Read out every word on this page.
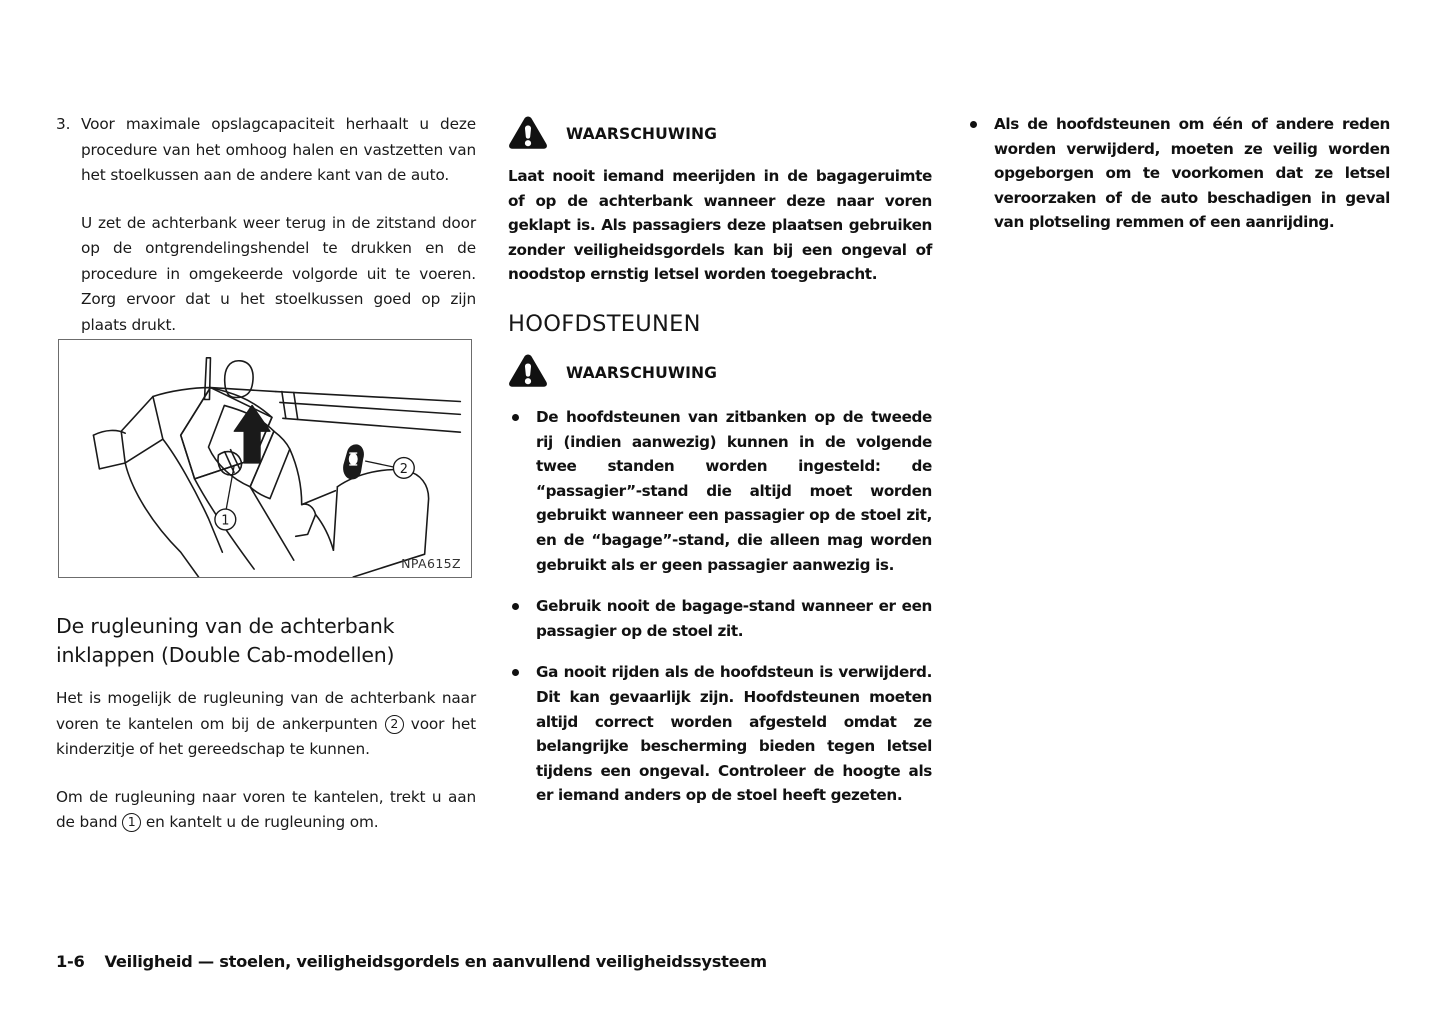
3. Voor maximale opslagcapaciteit herhaalt u deze procedure van het omhoog halen en vastzetten van het stoelkussen aan de andere kant van de auto.
U zet de achterbank weer terug in de zitstand door op de ontgrendelingshendel te drukken en de procedure in omgekeerde volgorde uit te voeren. Zorg ervoor dat u het stoelkussen goed op zijn plaats drukt.
1
2
NPA615Z
De rugleuning van de achterbank inklappen (Double Cab-modellen)
Het is mogelijk de rugleuning van de achterbank naar voren te kantelen om bij de ankerpunten 2 voor het kinderzitje of het gereedschap te kunnen.
Om de rugleuning naar voren te kantelen, trekt u aan de band 1 en kantelt u de rugleuning om.
WAARSCHUWING
Laat nooit iemand meerijden in de bagageruimte of op de achterbank wanneer deze naar voren geklapt is. Als passagiers deze plaatsen gebruiken zonder veiligheidsgordels kan bij een ongeval of noodstop ernstig letsel worden toegebracht.
HOOFDSTEUNEN
WAARSCHUWING
De hoofdsteunen van zitbanken op de tweede rij (indien aanwezig) kunnen in de volgende twee standen worden ingesteld: de “passagier”-stand die altijd moet worden gebruikt wanneer een passagier op de stoel zit, en de “bagage”-stand, die alleen mag worden gebruikt als er geen passagier aanwezig is.
Gebruik nooit de bagage-stand wanneer er een passagier op de stoel zit.
Ga nooit rijden als de hoofdsteun is verwijderd. Dit kan gevaarlijk zijn. Hoofdsteunen moeten altijd correct worden afgesteld omdat ze belangrijke bescherming bieden tegen letsel tijdens een ongeval. Controleer de hoogte als er iemand anders op de stoel heeft gezeten.
Als de hoofdsteunen om één of andere reden worden verwijderd, moeten ze veilig worden opgeborgen om te voorkomen dat ze letsel veroorzaken of de auto beschadigen in geval van plotseling remmen of een aanrijding.
1-6 Veiligheid — stoelen, veiligheidsgordels en aanvullend veiligheidssysteem
